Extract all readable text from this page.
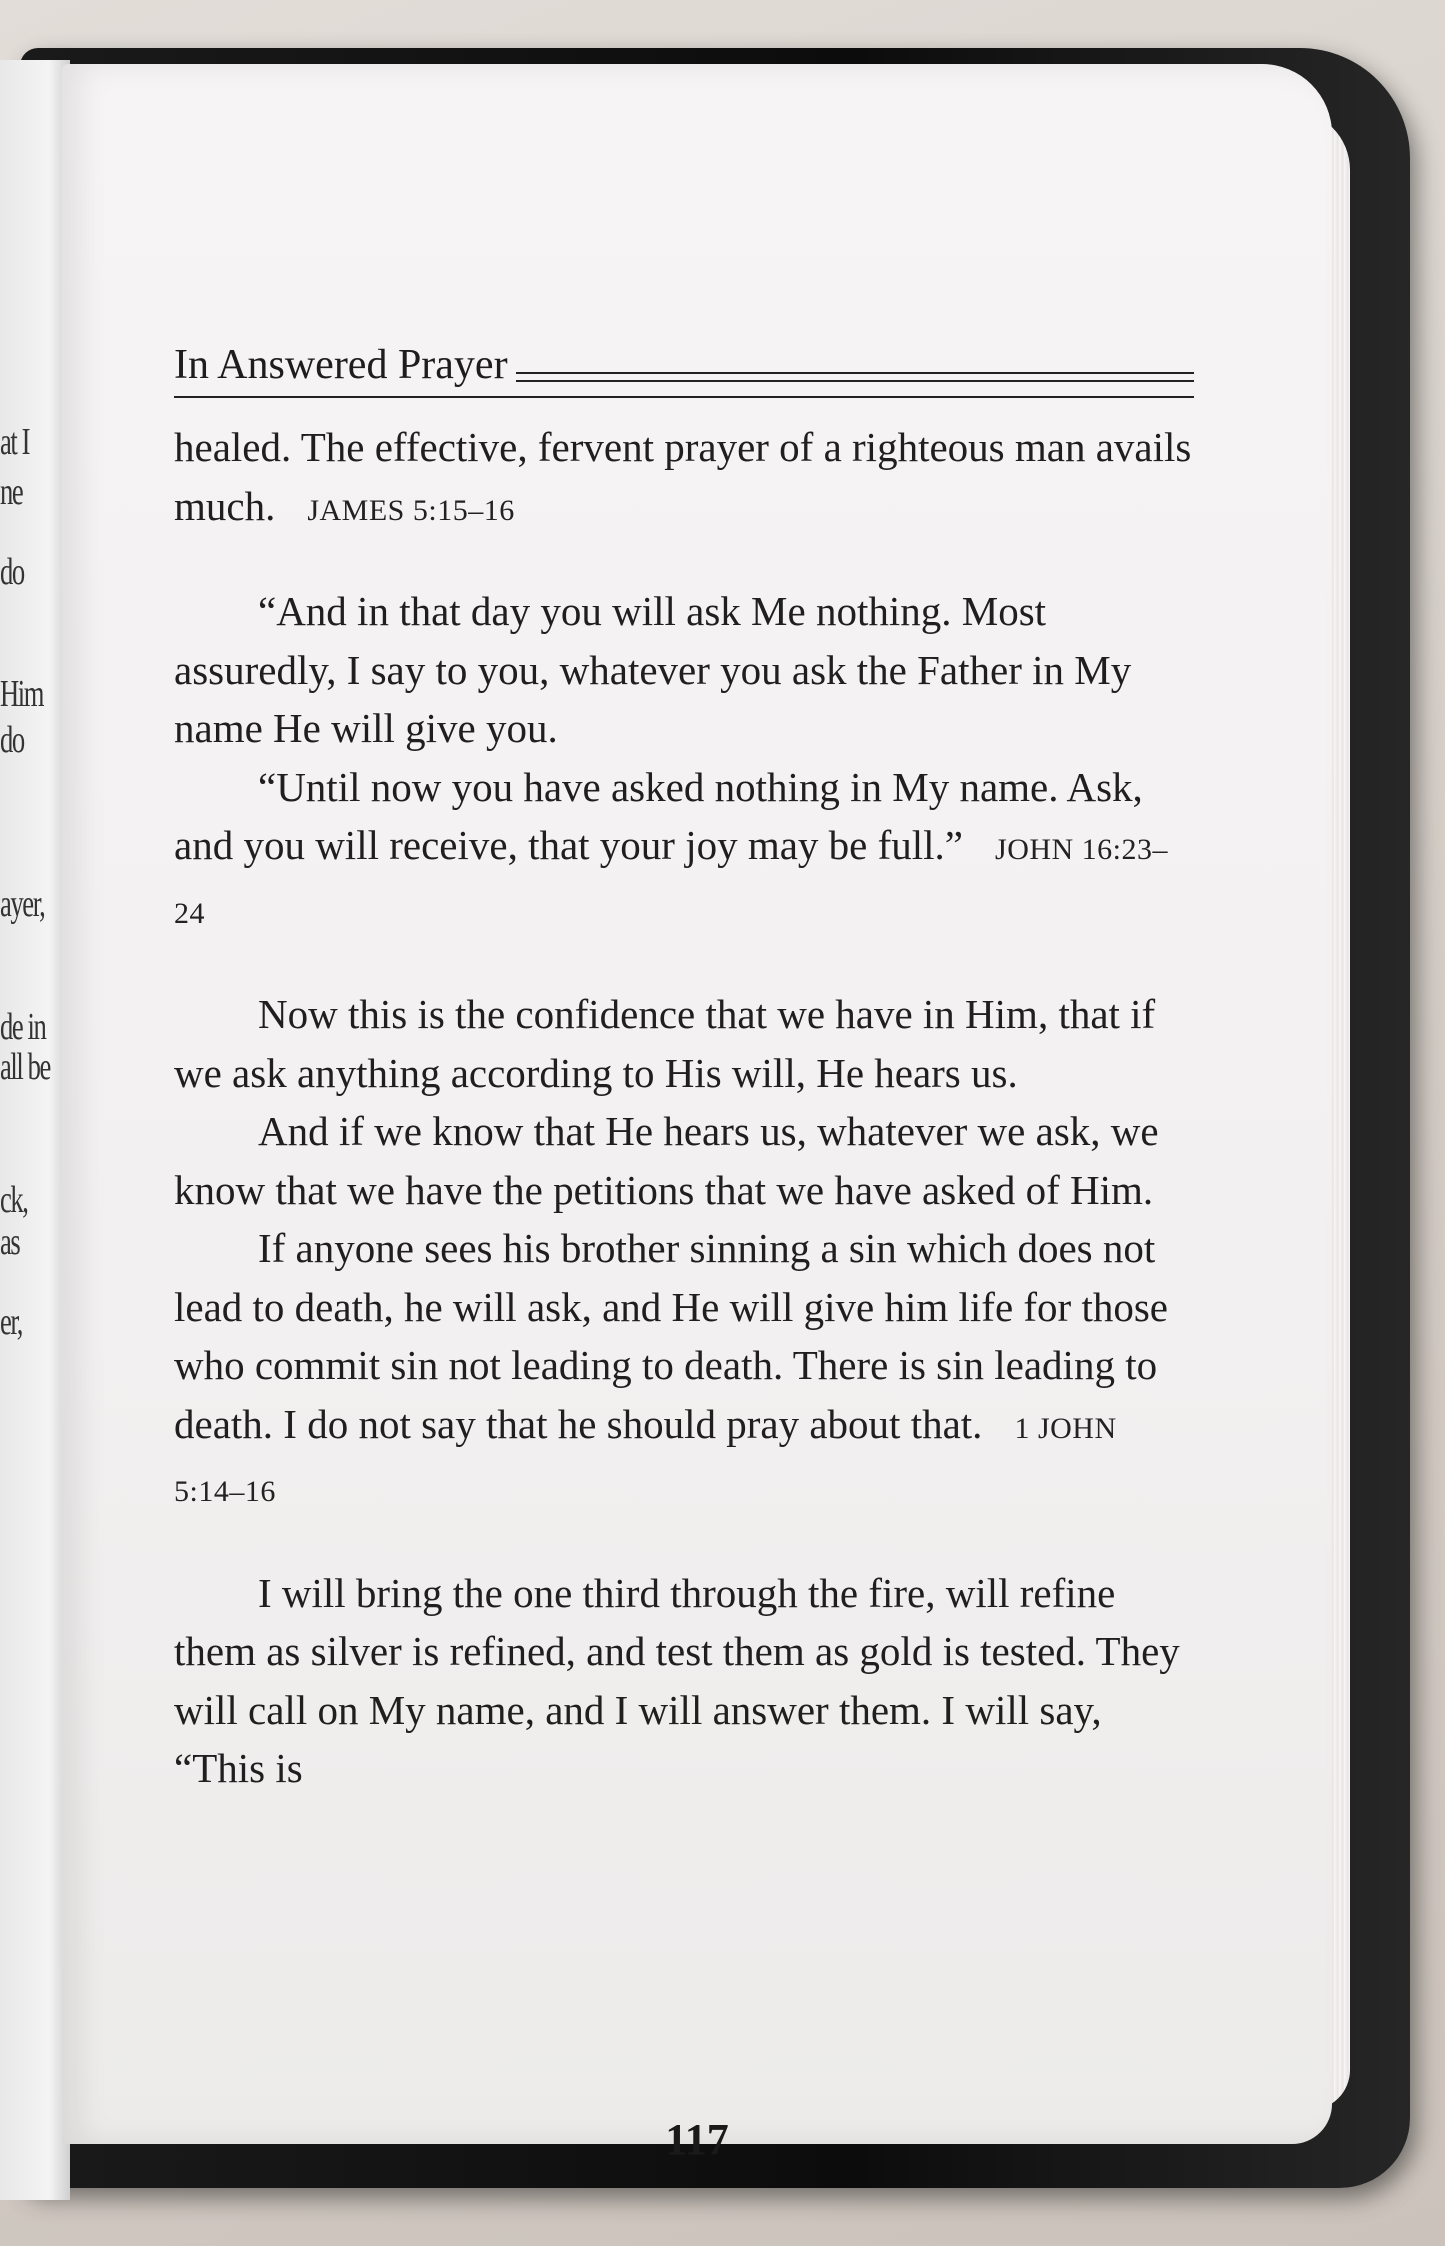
at I
ne
do
Him
do
ayer,
de in
all be
ck,
as
er,
In Answered Prayer

healed. The effective, fervent prayer of a righteous man avails much. JAMES 5:15–16

“And in that day you will ask Me nothing. Most assuredly, I say to you, whatever you ask the Father in My name He will give you.

“Until now you have asked nothing in My name. Ask, and you will receive, that your joy may be full.” JOHN 16:23–24

Now this is the confidence that we have in Him, that if we ask anything according to His will, He hears us.

And if we know that He hears us, whatever we ask, we know that we have the petitions that we have asked of Him.

If anyone sees his brother sinning a sin which does not lead to death, he will ask, and He will give him life for those who commit sin not leading to death. There is sin leading to death. I do not say that he should pray about that. 1 JOHN 5:14–16

I will bring the one third through the fire, will refine them as silver is refined, and test them as gold is tested. They will call on My name, and I will answer them. I will say, “This is

117
